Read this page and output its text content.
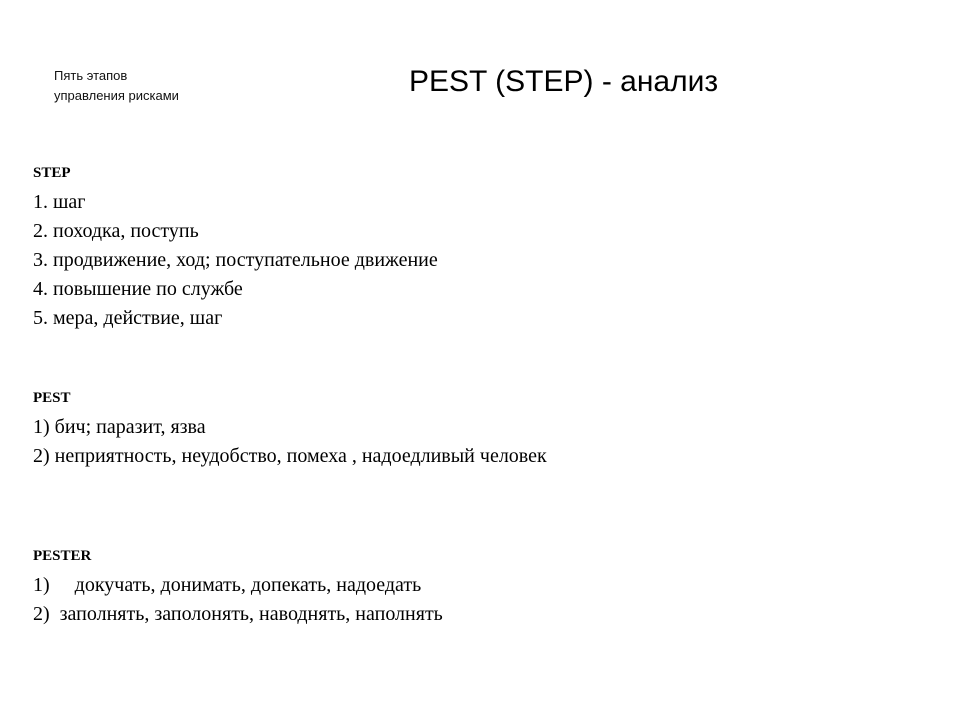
Пять этапов
управления рисками	PEST (STEP) - анализ
STEP
1. шаг
2. походка, поступь
3. продвижение, ход; поступательное движение
4. повышение по службе
5. мера, действие, шаг
PEST
1) бич; паразит, язва
2) неприятность, неудобство, помеха , надоедливый человек
PESTER
1)     докучать, донимать, допекать, надоедать
2)  заполнять, заполонять, наводнять, наполнять
